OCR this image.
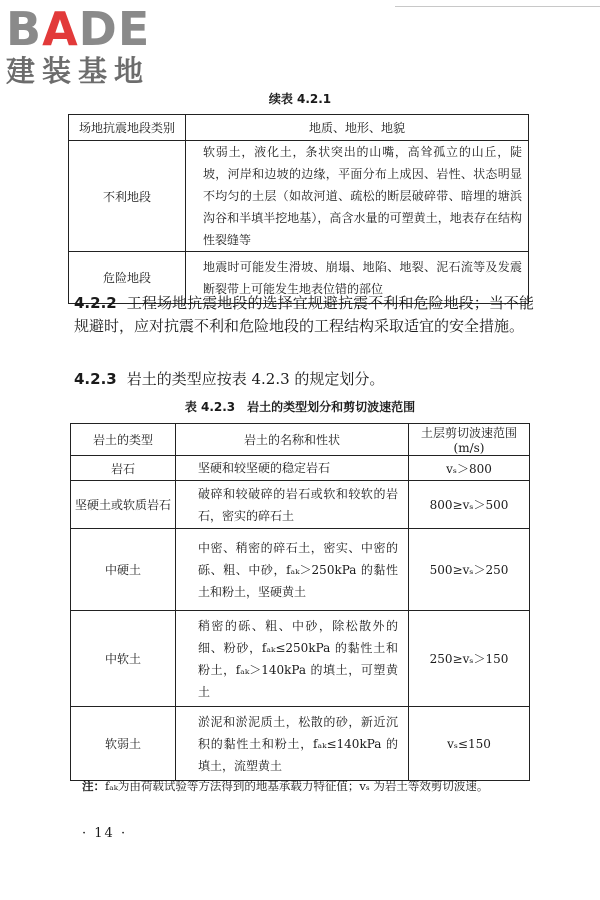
BADE
建装基地
续表 4.2.1
场地抗震地段类别	地质、地形、地貌
不利地段	软弱土，液化土，条状突出的山嘴，高耸孤立的山丘，陡坡，河岸和边坡的边缘，平面分布上成因、岩性、状态明显不均匀的土层（如故河道、疏松的断层破碎带、暗埋的塘浜沟谷和半填半挖地基），高含水量的可塑黄土，地表存在结构性裂缝等
危险地段	地震时可能发生滑坡、崩塌、地陷、地裂、泥石流等及发震断裂带上可能发生地表位错的部位
4.2.2 工程场地抗震地段的选择宜规避抗震不利和危险地段；当不能规避时，应对抗震不利和危险地段的工程结构采取适宜的安全措施。
4.2.3 岩土的类型应按表 4.2.3 的规定划分。
表 4.2.3　岩土的类型划分和剪切波速范围
岩土的类型	岩土的名称和性状	土层剪切波速范围(m/s)
岩石	坚硬和较坚硬的稳定岩石	vₛ＞800
坚硬土或软质岩石	破碎和较破碎的岩石或软和较软的岩石，密实的碎石土	800≥vₛ＞500
中硬土	中密、稍密的碎石土，密实、中密的砾、粗、中砂，fₐₖ＞250kPa 的黏性土和粉土，坚硬黄土	500≥vₛ＞250
中软土	稍密的砾、粗、中砂，除松散外的细、粉砂，fₐₖ≤250kPa 的黏性土和粉土，fₐₖ＞140kPa 的填土，可塑黄土	250≥vₛ＞150
软弱土	淤泥和淤泥质土，松散的砂，新近沉积的黏性土和粉土，fₐₖ≤140kPa 的填土，流塑黄土	vₛ≤150
注：fₐₖ为由荷载试验等方法得到的地基承载力特征值；vₛ 为岩土等效剪切波速。
· 14 ·
